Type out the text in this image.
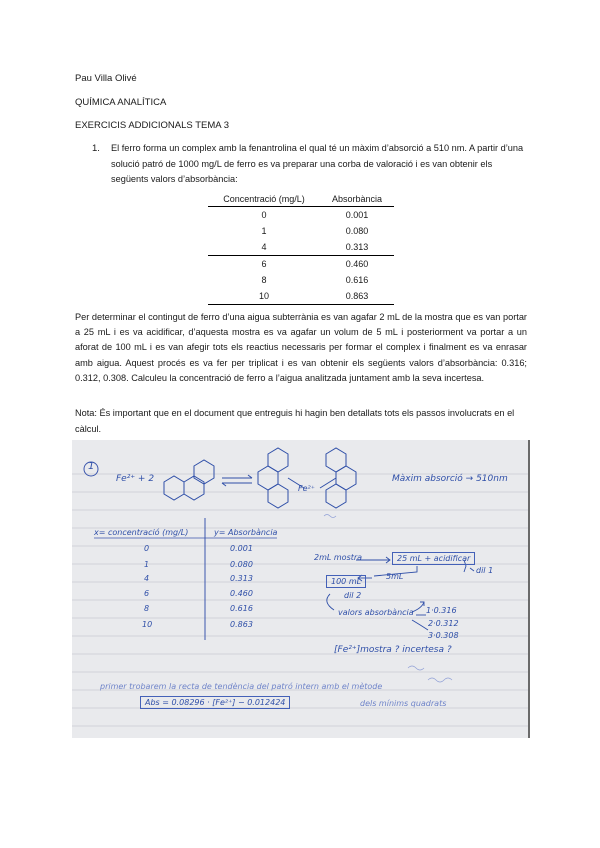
Pau Villa Olivé
QUÍMICA ANALÍTICA
EXERCICIS ADDICIONALS TEMA 3
1. El ferro forma un complex amb la fenantrolina el qual té un màxim d’absorció a 510 nm. A partir d’una solució patró de 1000 mg/L de ferro es va preparar una corba de valoració i es van obtenir els següents valors d’absorbància:
Concentració (mg/L)	Absorbància
0	0.001
1	0.080
4	0.313
6	0.460
8	0.616
10	0.863
Per determinar el contingut de ferro d’una aigua subterrània es van agafar 2 mL de la mostra que es van portar a 25 mL i es va acidificar, d’aquesta mostra es va agafar un volum de 5 mL i posteriorment va portar a un aforat de 100 mL i es van afegir tots els reactius necessaris per formar el complex i finalment es va enrasar amb aigua. Aquest procés es va fer per triplicat i es van obtenir els següents valors d’absorbància: 0.316; 0.312, 0.308. Calculeu la concentració de ferro a l’aigua analitzada juntament amb la seva incertesa.
Nota: És important que en el document que entreguis hi hagin ben detallats tots els passos involucrats en el càlcul.
1
Fe²⁺ + 2
Fe²⁺
Màxim absorció → 510nm
x= concentració (mg/L)	y= Absorbància
0	0.001
1	0.080
4	0.313
6	0.460
8	0.616
10	0.863
2mL mostra	25 mL + acidificar
dil 1
5mL
100 mL
dil 2
valors absorbància 1·0.316
2·0.312
3·0.308
[Fe²⁺]mostra ? incertesa ?
primer trobarem la recta de tendència del patró intern amb el mètode
dels mínims quadrats
Abs = 0.08296 · [Fe²⁺] − 0.012424
